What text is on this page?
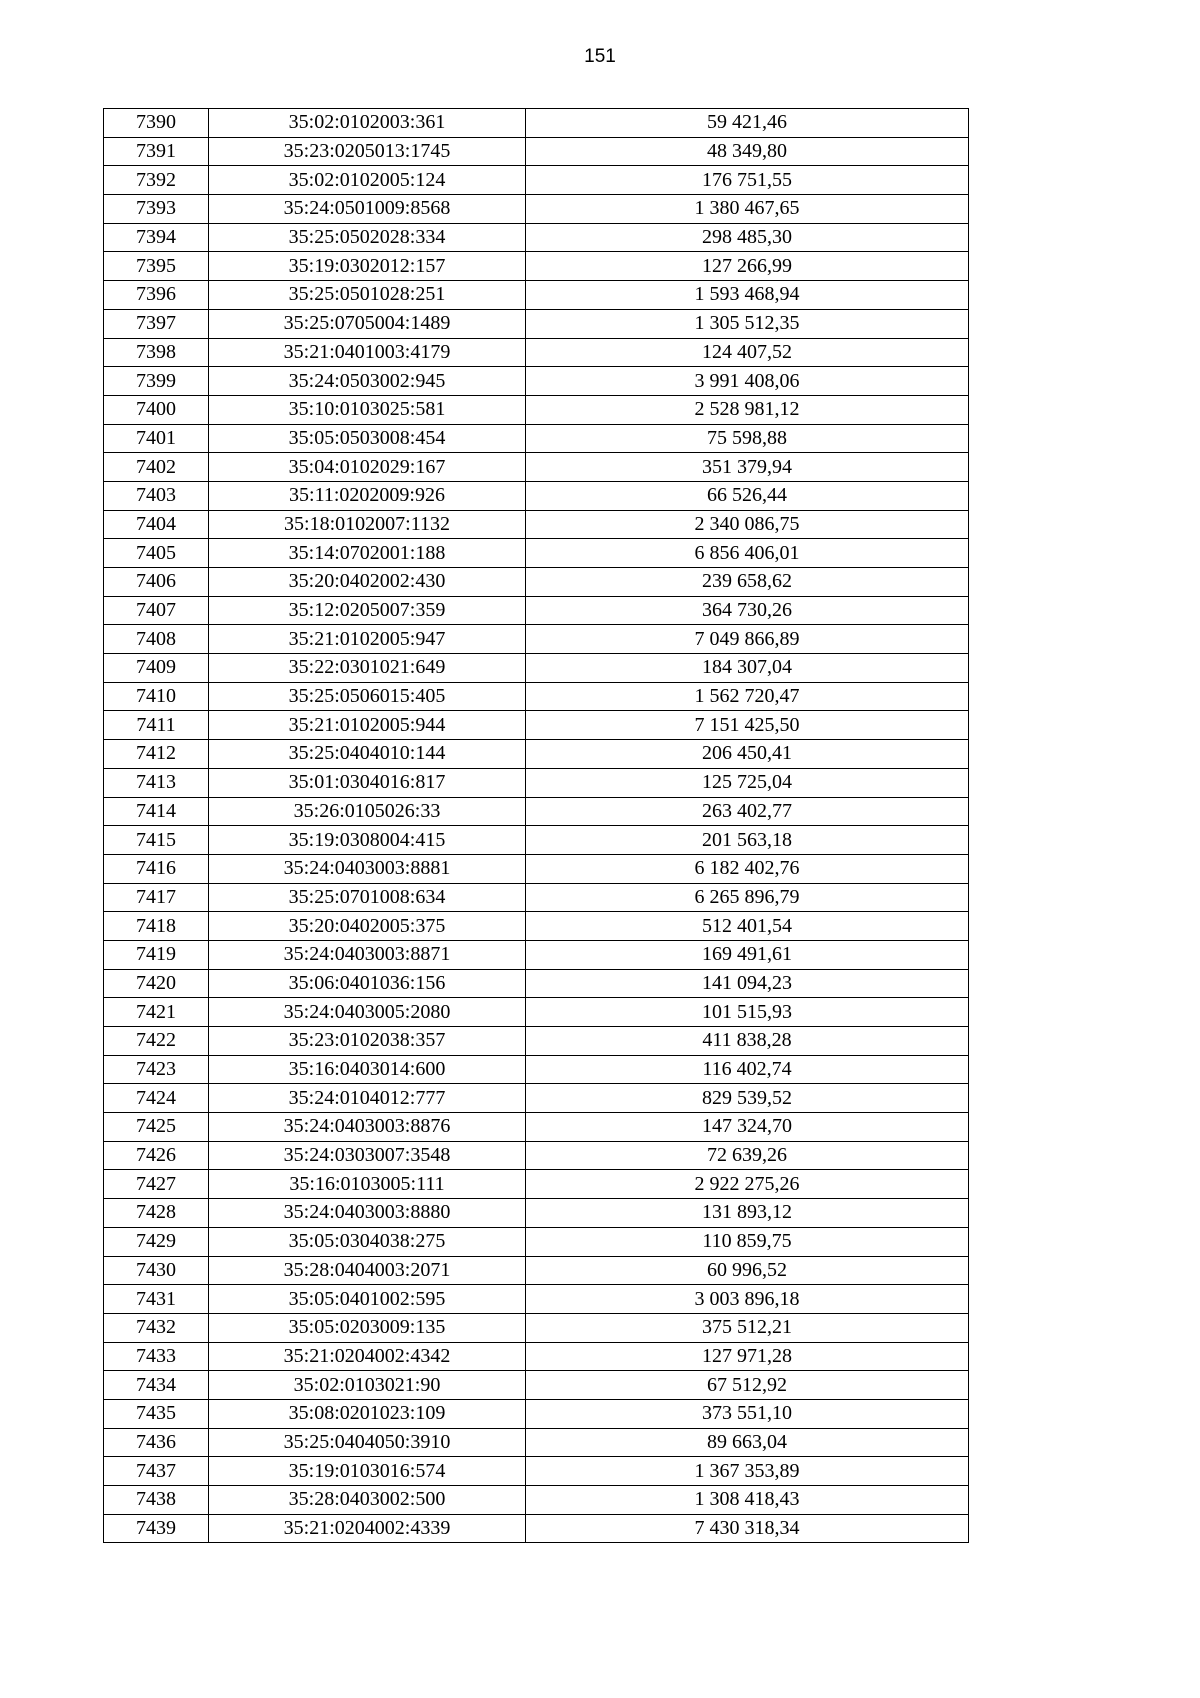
151
7390	35:02:0102003:361	59 421,46
7391	35:23:0205013:1745	48 349,80
7392	35:02:0102005:124	176 751,55
7393	35:24:0501009:8568	1 380 467,65
7394	35:25:0502028:334	298 485,30
7395	35:19:0302012:157	127 266,99
7396	35:25:0501028:251	1 593 468,94
7397	35:25:0705004:1489	1 305 512,35
7398	35:21:0401003:4179	124 407,52
7399	35:24:0503002:945	3 991 408,06
7400	35:10:0103025:581	2 528 981,12
7401	35:05:0503008:454	75 598,88
7402	35:04:0102029:167	351 379,94
7403	35:11:0202009:926	66 526,44
7404	35:18:0102007:1132	2 340 086,75
7405	35:14:0702001:188	6 856 406,01
7406	35:20:0402002:430	239 658,62
7407	35:12:0205007:359	364 730,26
7408	35:21:0102005:947	7 049 866,89
7409	35:22:0301021:649	184 307,04
7410	35:25:0506015:405	1 562 720,47
7411	35:21:0102005:944	7 151 425,50
7412	35:25:0404010:144	206 450,41
7413	35:01:0304016:817	125 725,04
7414	35:26:0105026:33	263 402,77
7415	35:19:0308004:415	201 563,18
7416	35:24:0403003:8881	6 182 402,76
7417	35:25:0701008:634	6 265 896,79
7418	35:20:0402005:375	512 401,54
7419	35:24:0403003:8871	169 491,61
7420	35:06:0401036:156	141 094,23
7421	35:24:0403005:2080	101 515,93
7422	35:23:0102038:357	411 838,28
7423	35:16:0403014:600	116 402,74
7424	35:24:0104012:777	829 539,52
7425	35:24:0403003:8876	147 324,70
7426	35:24:0303007:3548	72 639,26
7427	35:16:0103005:111	2 922 275,26
7428	35:24:0403003:8880	131 893,12
7429	35:05:0304038:275	110 859,75
7430	35:28:0404003:2071	60 996,52
7431	35:05:0401002:595	3 003 896,18
7432	35:05:0203009:135	375 512,21
7433	35:21:0204002:4342	127 971,28
7434	35:02:0103021:90	67 512,92
7435	35:08:0201023:109	373 551,10
7436	35:25:0404050:3910	89 663,04
7437	35:19:0103016:574	1 367 353,89
7438	35:28:0403002:500	1 308 418,43
7439	35:21:0204002:4339	7 430 318,34
